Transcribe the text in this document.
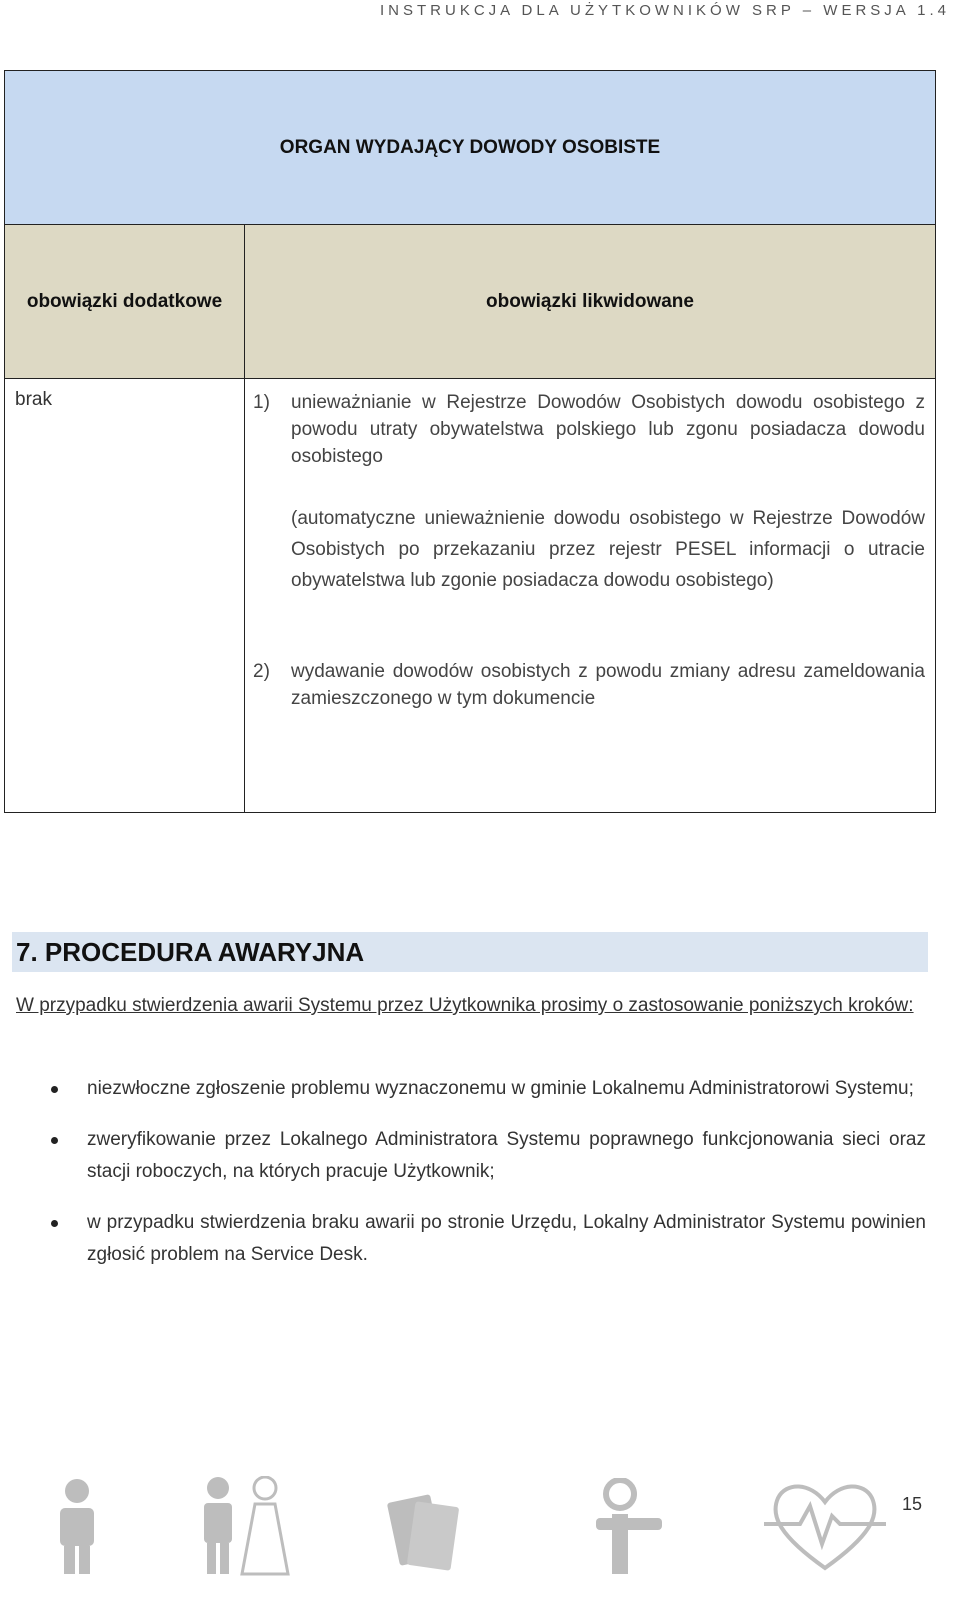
INSTRUKCJA DLA UŻYTKOWNIKÓW SRP – WERSJA 1.4
ORGAN WYDAJĄCY DOWODY OSOBISTE
obowiązki dodatkowe	obowiązki likwidowane
brak	1) unieważnianie w Rejestrze Dowodów Osobistych dowodu osobistego z powodu utraty obywatelstwa polskiego lub zgonu posiadacza dowodu osobistego
(automatyczne unieważnienie dowodu osobistego w Rejestrze Dowodów Osobistych po przekazaniu przez rejestr PESEL informacji o utracie obywatelstwa lub zgonie posiadacza dowodu osobistego)
2) wydawanie dowodów osobistych z powodu zmiany adresu zameldowania zamieszczonego w tym dokumencie
7. PROCEDURA AWARYJNA
W przypadku stwierdzenia awarii Systemu przez Użytkownika prosimy o zastosowanie poniższych kroków:
niezwłoczne zgłoszenie problemu wyznaczonemu w gminie Lokalnemu Administratorowi Systemu;
zweryfikowanie przez Lokalnego Administratora Systemu poprawnego funkcjonowania sieci oraz stacji roboczych, na których pracuje Użytkownik;
w przypadku stwierdzenia braku awarii po stronie Urzędu, Lokalny Administrator Systemu powinien zgłosić problem na Service Desk.
15
